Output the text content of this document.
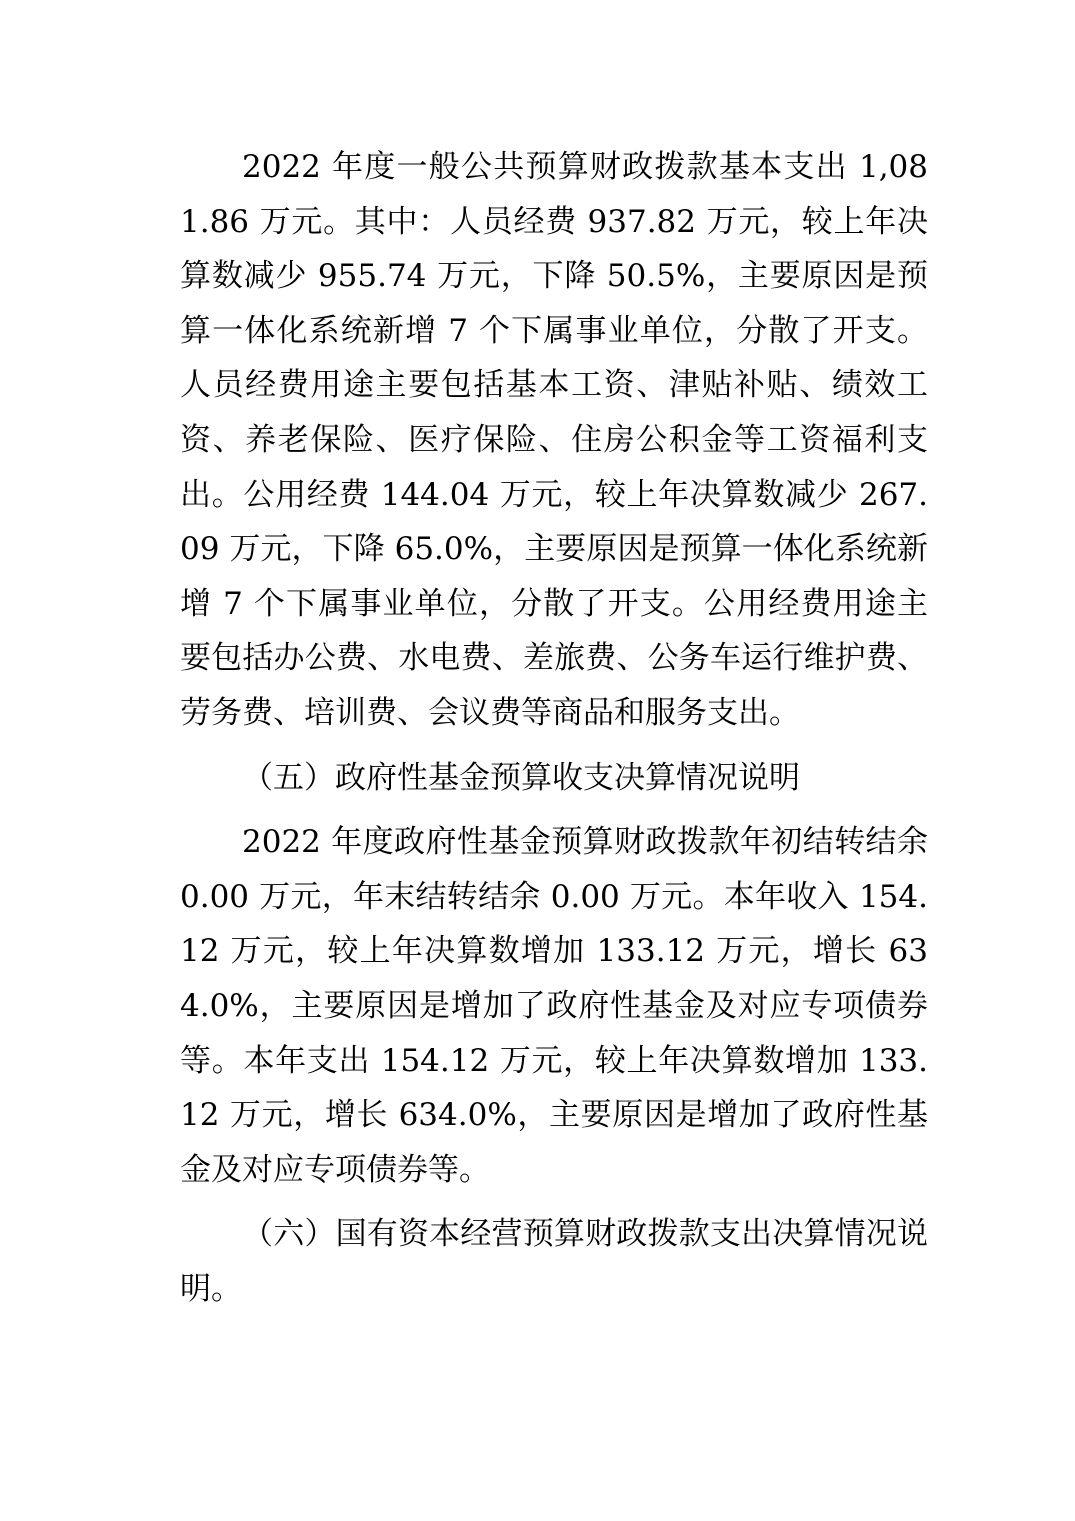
2022 年度一般公共预算财政拨款基本支出 1,081.86 万元。其中：人员经费 937.82 万元，较上年决算数减少 955.74 万元，下降 50.5%，主要原因是预算一体化系统新增 7 个下属事业单位，分散了开支。人员经费用途主要包括基本工资、津贴补贴、绩效工资、养老保险、医疗保险、住房公积金等工资福利支出。公用经费 144.04 万元，较上年决算数减少 267.09 万元，下降 65.0%，主要原因是预算一体化系统新增 7 个下属事业单位，分散了开支。公用经费用途主要包括办公费、水电费、差旅费、公务车运行维护费、劳务费、培训费、会议费等商品和服务支出。

（五）政府性基金预算收支决算情况说明

2022 年度政府性基金预算财政拨款年初结转结余 0.00 万元，年末结转结余 0.00 万元。本年收入 154.12 万元，较上年决算数增加 133.12 万元，增长 634.0%，主要原因是增加了政府性基金及对应专项债券等。本年支出 154.12 万元，较上年决算数增加 133.12 万元，增长 634.0%，主要原因是增加了政府性基金及对应专项债券等。

（六）国有资本经营预算财政拨款支出决算情况说明。
